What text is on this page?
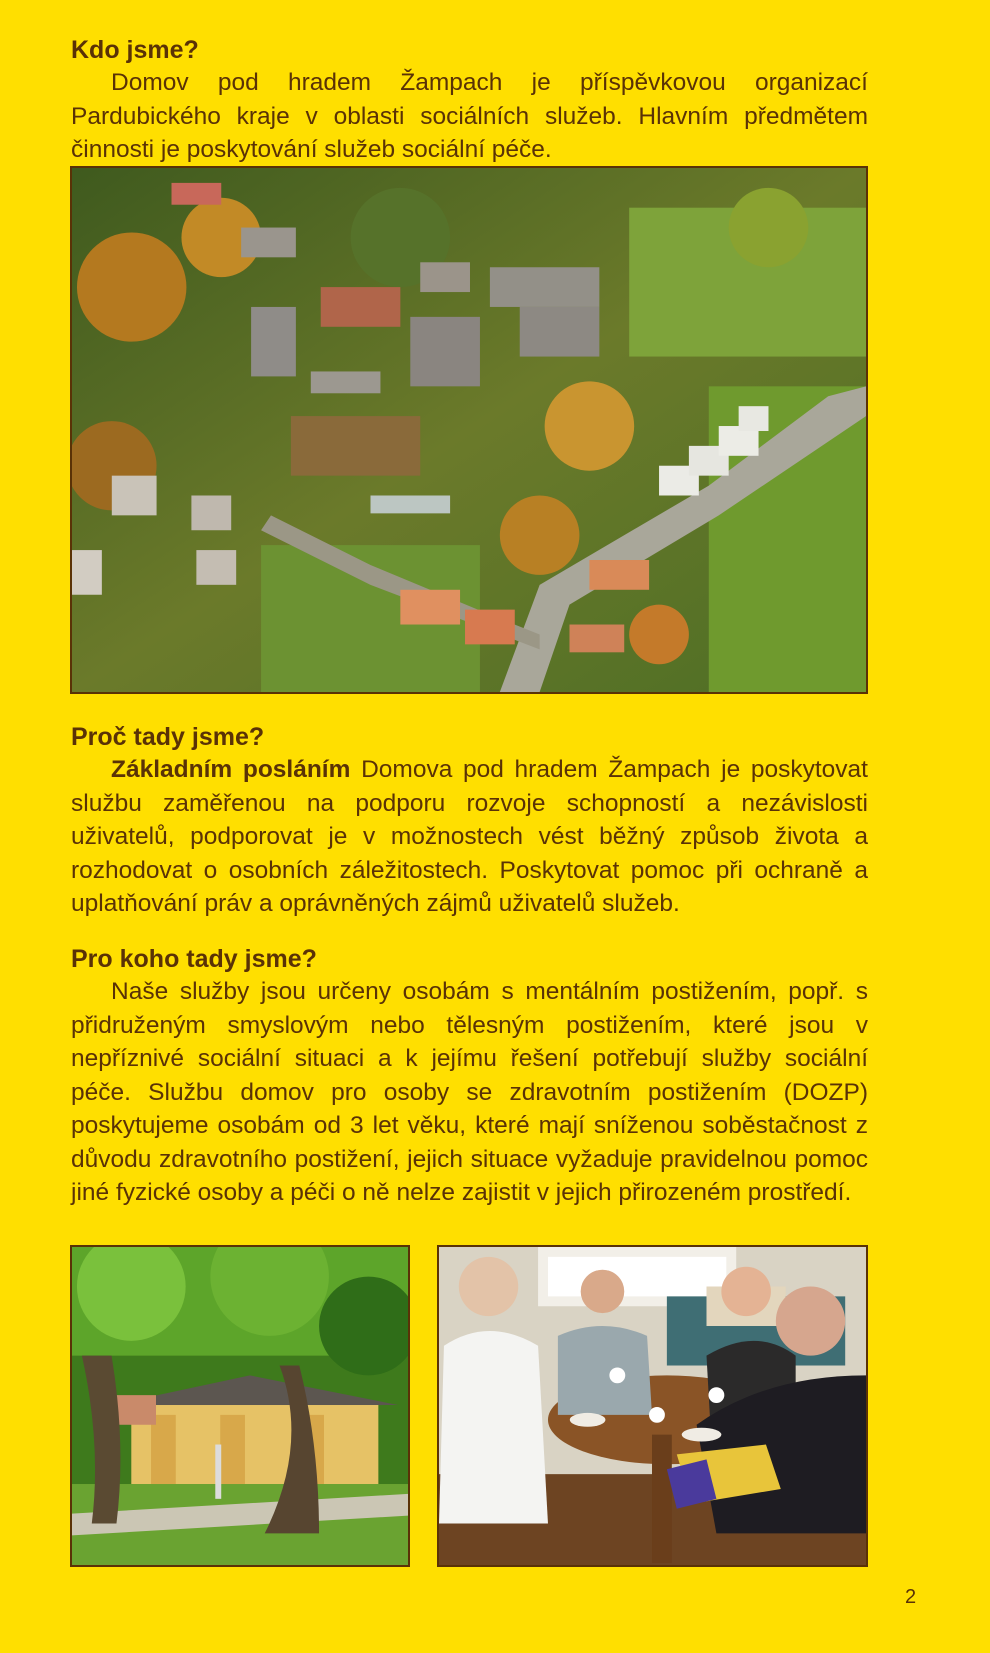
Kdo jsme?

Domov pod hradem Žampach je příspěvkovou organizací Pardubického kraje v oblasti sociálních služeb. Hlavním předmětem činnosti je poskytování služeb sociální péče.

Proč tady jsme?

Základním posláním Domova pod hradem Žampach je poskytovat službu zaměřenou na podporu rozvoje schopností a nezávislosti uživatelů, podporovat je v možnostech vést běžný způsob života a rozhodovat o osobních záležitostech. Poskytovat pomoc při ochraně a uplatňování práv a oprávněných zájmů uživatelů služeb.

Pro koho tady jsme?

Naše služby jsou určeny osobám s mentálním postižením, popř. s přidruženým smyslovým nebo tělesným postižením, které jsou v nepříznivé sociální situaci a k jejímu řešení potřebují služby sociální péče. Službu domov pro osoby se zdravotním postižením (DOZP) poskytujeme osobám od 3 let věku, které mají sníženou soběstačnost z důvodu zdravotního postižení, jejich situace vyžaduje pravidelnou pomoc jiné fyzické osoby a péči o ně nelze zajistit v jejich přirozeném prostředí.

2
